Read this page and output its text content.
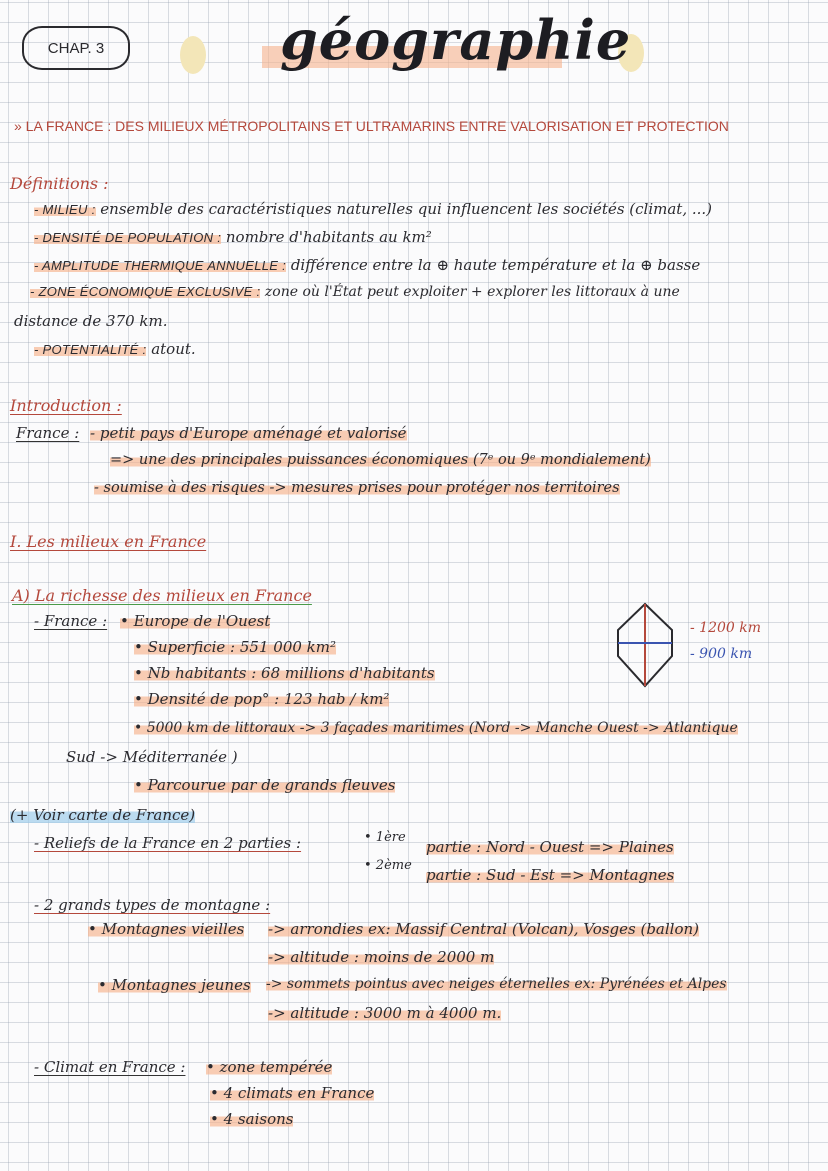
CHAP. 3	géographie
» LA FRANCE : DES MILIEUX MÉTROPOLITAINS ET ULTRAMARINS ENTRE VALORISATION ET PROTECTION
Définitions :
- MILIEU : ensemble des caractéristiques naturelles qui influencent les sociétés (climat, ...)
- DENSITÉ DE POPULATION : nombre d'habitants au km²
- AMPLITUDE THERMIQUE ANNUELLE : différence entre la ⊕ haute température et la ⊕ basse
- ZONE ÉCONOMIQUE EXCLUSIVE : zone où l'État peut exploiter + explorer les littoraux à une
distance de 370 km.
- POTENTIALITÉ : atout.
Introduction :
France : - petit pays d'Europe aménagé et valorisé
=> une des principales puissances économiques (7ᵉ ou 9ᵉ mondialement)
- soumise à des risques -> mesures prises pour protéger nos territoires
I. Les milieux en France
A) La richesse des milieux en France
- France : • Europe de l'Ouest
• Superficie : 551 000 km²
• Nb habitants : 68 millions d'habitants
• Densité de pop° : 123 hab / km²
• 5000 km de littoraux -> 3 façades maritimes (Nord -> Manche Ouest -> Atlantique
Sud -> Méditerranée )
• Parcourue par de grands fleuves
- 1200 km
- 900 km
(+ Voir carte de France)
- Reliefs de la France en 2 parties :	• 1ère
partie : Nord - Ouest => Plaines
• 2ème
partie : Sud - Est => Montagnes
- 2 grands types de montagne :
• Montagnes vieilles -> arrondies ex: Massif Central (Volcan), Vosges (ballon)
-> altitude : moins de 2000 m
• Montagnes jeunes -> sommets pointus avec neiges éternelles ex: Pyrénées et Alpes
-> altitude : 3000 m à 4000 m.
- Climat en France : • zone tempérée
• 4 climats en France
• 4 saisons
